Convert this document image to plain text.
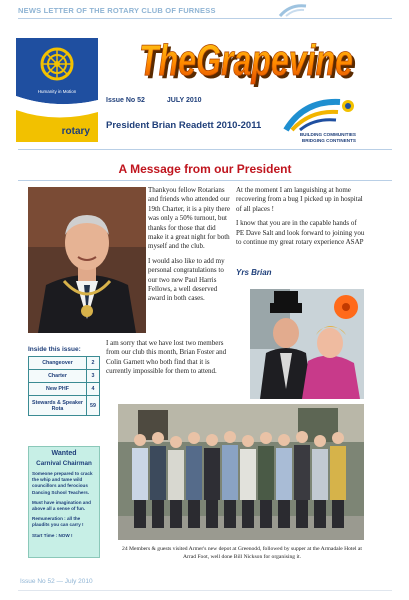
NEWS LETTER OF THE ROTARY CLUB OF FURNESS
TheGrapevine
TheGrapevine
Humanity in Motion
rotary
Issue No 52	JULY 2010
President Brian Readett 2010-2011
BUILDING COMMUNITIES
BRIDGING CONTINENTS
A Message from our President

Thankyou fellow Rotarians and friends who attended our 19th Charter, it is a pity there was only a 50% turnout, but thanks for those that did make it a great night for both myself and the club.

I would also like to add my personal congratulations to our two new Paul Harris Fellows, a well deserved award in both cases.

I am sorry that we have lost two members from our club this month, Brian Foster and Colin Garnett who both find that it is currently impossible for them to attend.

At the moment I am languishing at home recovering from a bug I picked up in hospital of all places !

I know that you are in the capable hands of PE Dave Salt and look forward to joining you to continue my great rotary experience ASAP

Yrs Brian
Inside this issue:
Changeover	2
Charter	3
New PHF	4
Stewards & Speaker Rota	59
Wanted
Carnival Chairman

Someone prepared to crack the whip and tame wild councillors and ferocious Dancing School Teachers.

Must have imagination and above all a sense of fun.

Remuneration : all the plaudits you can carry !

Start Time : NOW !

24 Members & guests visited Armer's new depot at Greenodd, followed by supper at the Armadale Hotel at Arrad Foot, well done Bill Nickson for organising it.
Issue No 52 — July 2010
